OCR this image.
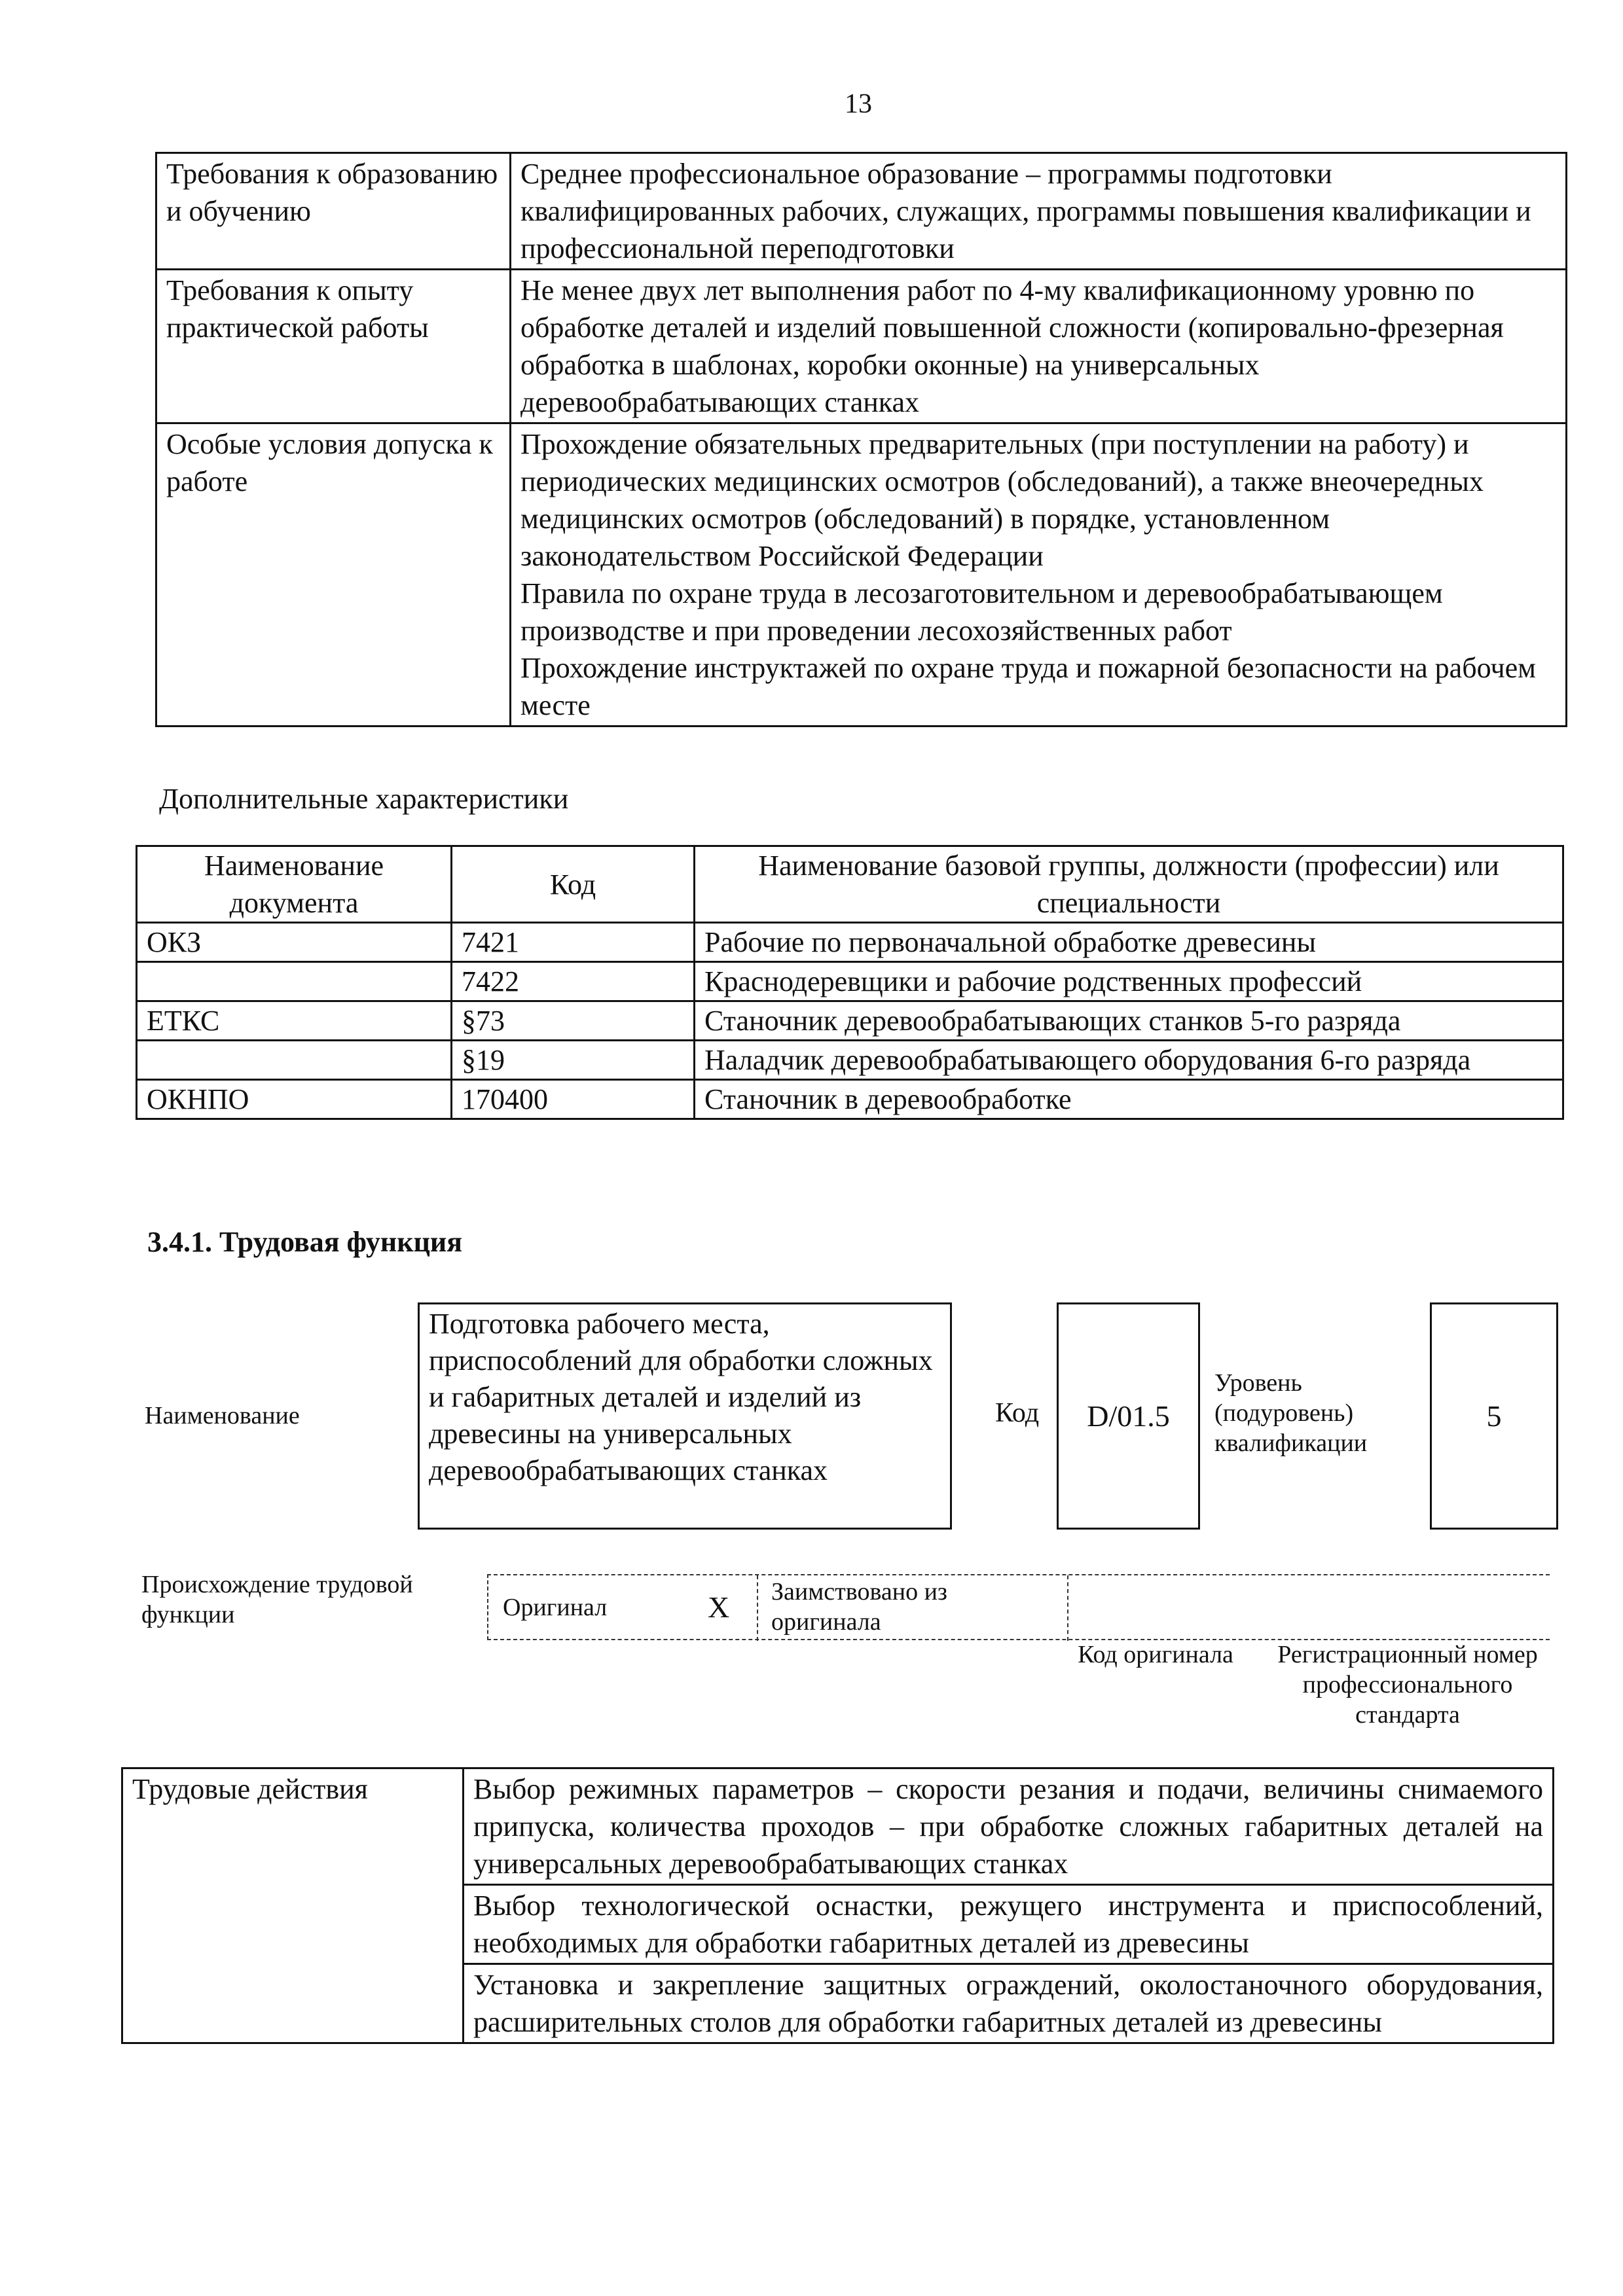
13
Требования к образованию и обучению	Среднее профессиональное образование – программы подготовки квалифицированных рабочих, служащих, программы повышения квалификации и профессиональной переподготовки
Требования к опыту практической работы	Не менее двух лет выполнения работ по 4-му квалификационному уровню по обработке деталей и изделий повышенной сложности (копировально-фрезерная обработка в шаблонах, коробки оконные) на универсальных деревообрабатывающих станках
Особые условия допуска к работе	Прохождение обязательных предварительных (при поступлении на работу) и периодических медицинских осмотров (обследований), а также внеочередных медицинских осмотров (обследований) в порядке, установленном законодательством Российской Федерации
Правила по охране труда в лесозаготовительном и деревообрабатывающем производстве и при проведении лесохозяйственных работ
Прохождение инструктажей по охране труда и пожарной безопасности на рабочем месте
Дополнительные характеристики
Наименование документа	Код	Наименование базовой группы, должности (профессии) или специальности
ОКЗ	7421	Рабочие по первоначальной обработке древесины
	7422	Краснодеревщики и рабочие родственных профессий
ЕТКС	§73	Станочник деревообрабатывающих станков 5-го разряда
	§19	Наладчик деревообрабатывающего оборудования 6-го разряда
ОКНПО	170400	Станочник в деревообработке
3.4.1. Трудовая функция
Наименование
Подготовка рабочего места, приспособлений для обработки сложных и габаритных деталей и изделий из древесины на универсальных деревообрабатывающих станках
Код	D/01.5
Уровень (подуровень) квалификации
5
Происхождение трудовой функции	Оригинал	X Заимствовано из оригинала
Код оригинала	Регистрационный номер профессионального стандарта
Трудовые действия	Выбор режимных параметров – скорости резания и подачи, величины снимаемого припуска, количества проходов – при обработке сложных габаритных деталей на универсальных деревообрабатывающих станках
Выбор технологической оснастки, режущего инструмента и приспособлений, необходимых для обработки габаритных деталей из древесины
Установка и закрепление защитных ограждений, околостаночного оборудования, расширительных столов для обработки габаритных деталей из древесины
